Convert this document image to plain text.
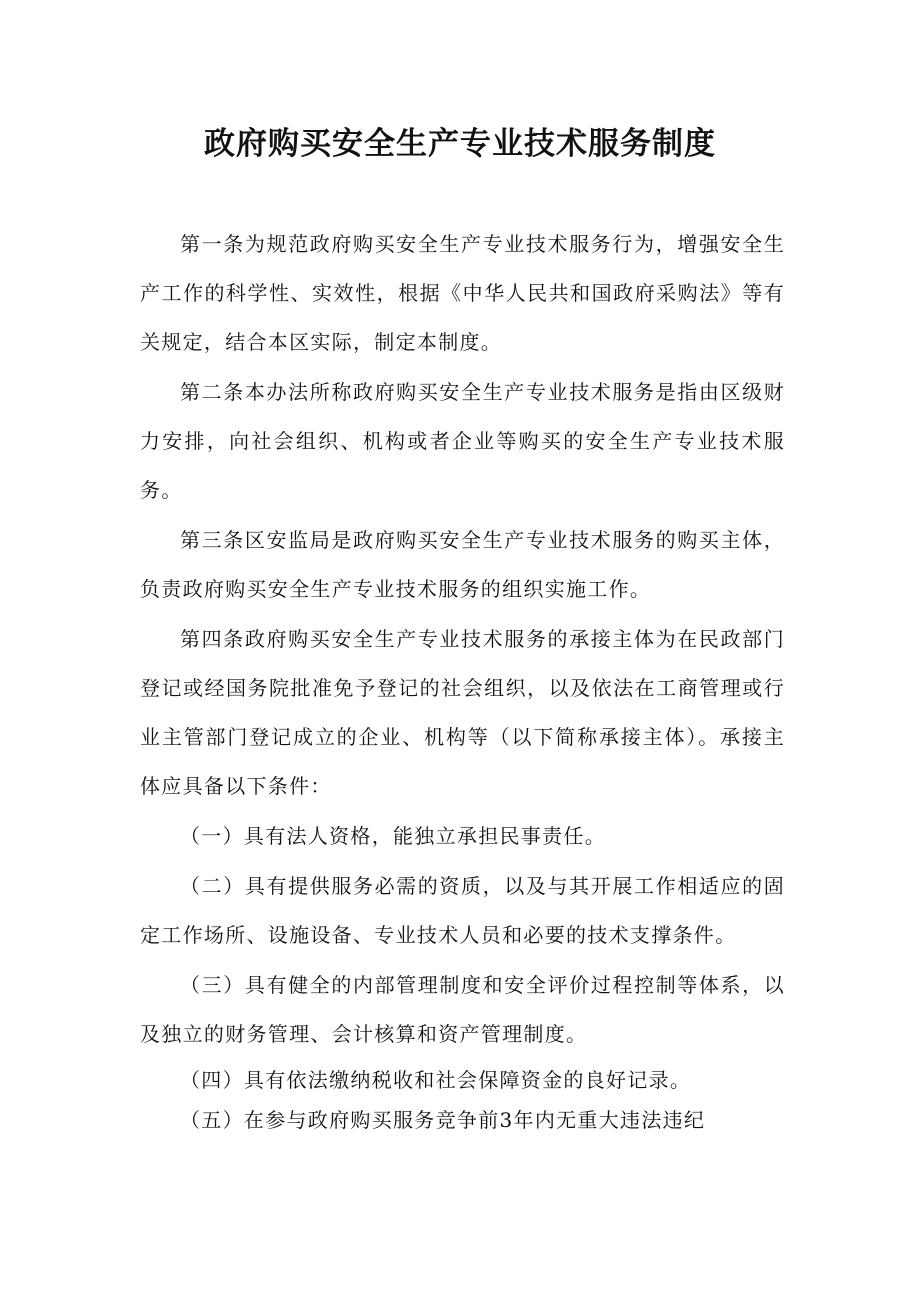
政府购买安全生产专业技术服务制度

第一条为规范政府购买安全生产专业技术服务行为，增强安全生产工作的科学性、实效性，根据《中华人民共和国政府采购法》等有关规定，结合本区实际，制定本制度。

第二条本办法所称政府购买安全生产专业技术服务是指由区级财力安排，向社会组织、机构或者企业等购买的安全生产专业技术服务。

第三条区安监局是政府购买安全生产专业技术服务的购买主体，负责政府购买安全生产专业技术服务的组织实施工作。

第四条政府购买安全生产专业技术服务的承接主体为在民政部门登记或经国务院批准免予登记的社会组织，以及依法在工商管理或行业主管部门登记成立的企业、机构等（以下简称承接主体）。承接主体应具备以下条件：

（一）具有法人资格，能独立承担民事责任。

（二）具有提供服务必需的资质，以及与其开展工作相适应的固定工作场所、设施设备、专业技术人员和必要的技术支撑条件。

（三）具有健全的内部管理制度和安全评价过程控制等体系，以及独立的财务管理、会计核算和资产管理制度。

（四）具有依法缴纳税收和社会保障资金的良好记录。

（五）在参与政府购买服务竞争前3年内无重大违法违纪
